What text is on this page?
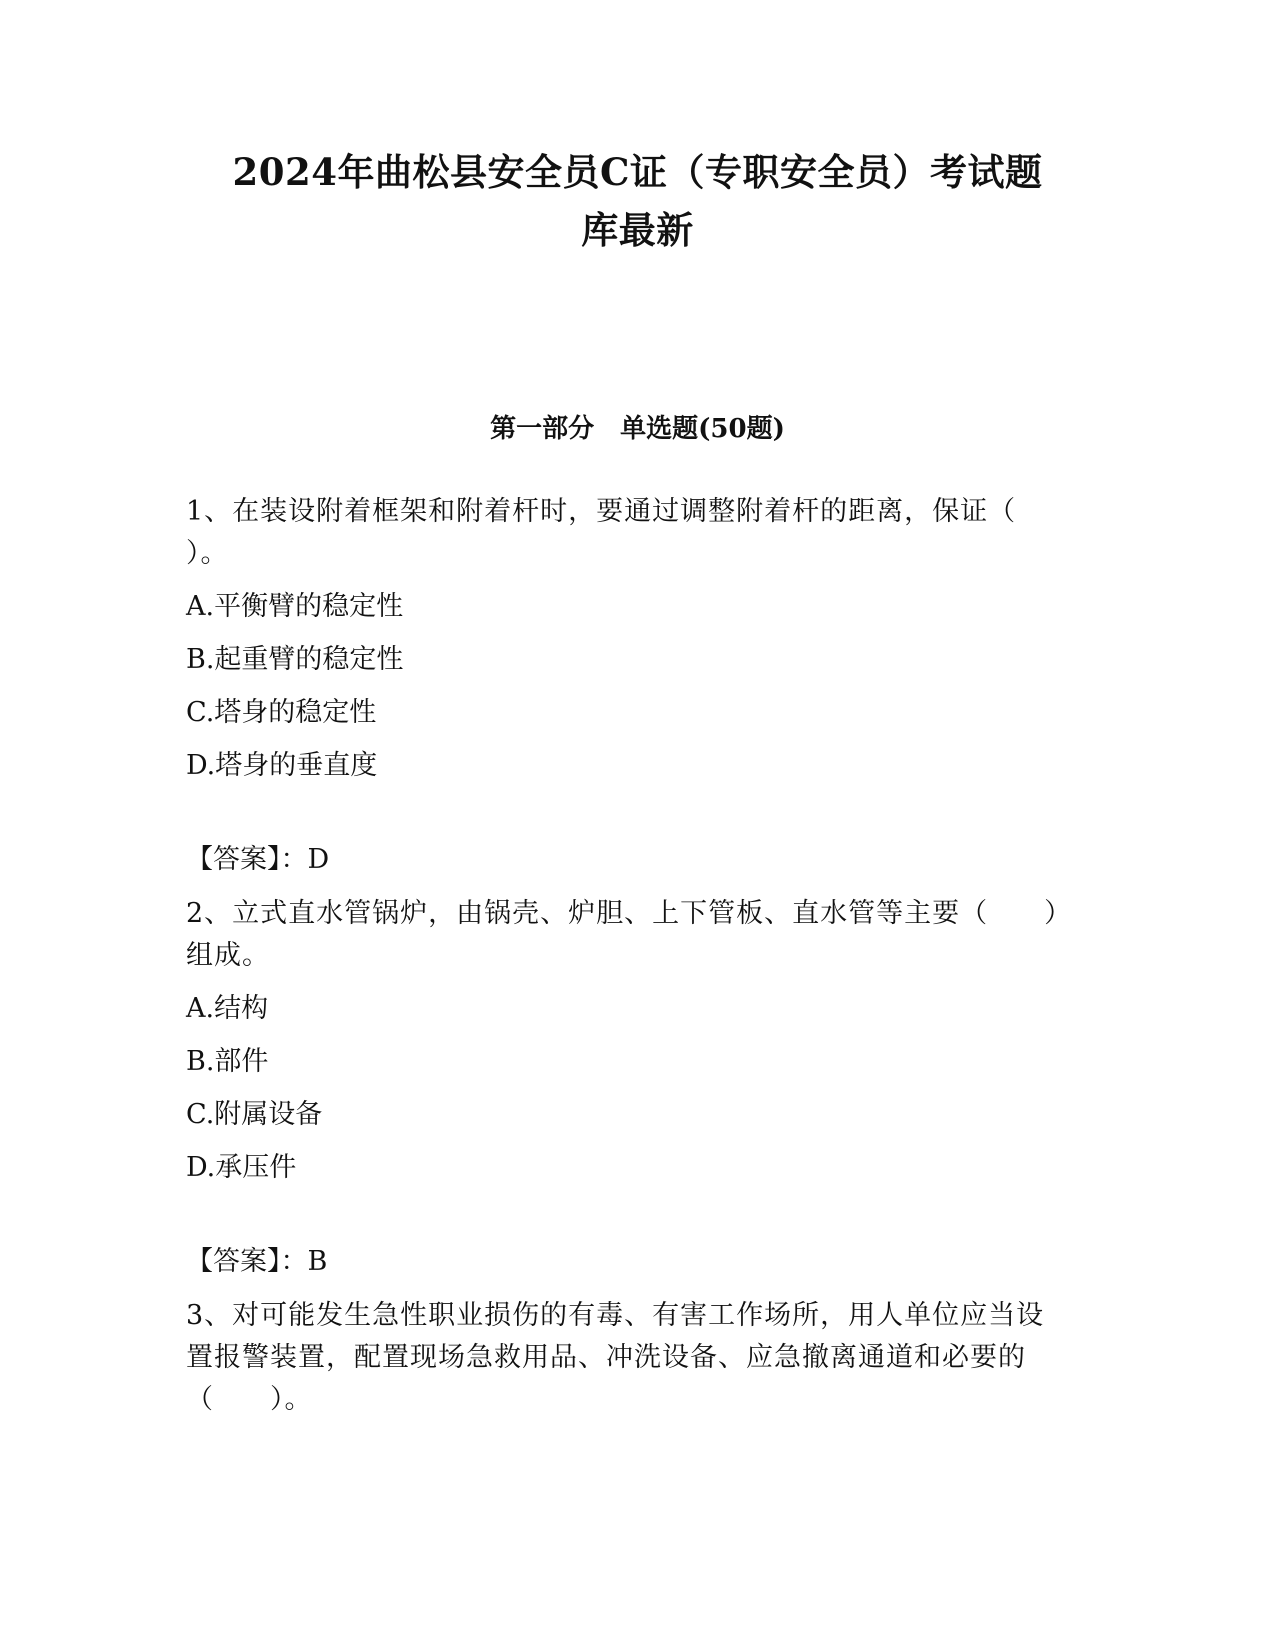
2024年曲松县安全员C证（专职安全员）考试题
库最新
第一部分　单选题(50题)

1、在装设附着框架和附着杆时，要通过调整附着杆的距离，保证（

）。

A.平衡臂的稳定性

B.起重臂的稳定性

C.塔身的稳定性

D.塔身的垂直度

【答案】：D

2、立式直水管锅炉，由锅壳、炉胆、上下管板、直水管等主要（　　）

组成。

A.结构

B.部件

C.附属设备

D.承压件

【答案】：B

3、对可能发生急性职业损伤的有毒、有害工作场所，用人单位应当设

置报警装置，配置现场急救用品、冲洗设备、应急撤离通道和必要的

（　　）。
